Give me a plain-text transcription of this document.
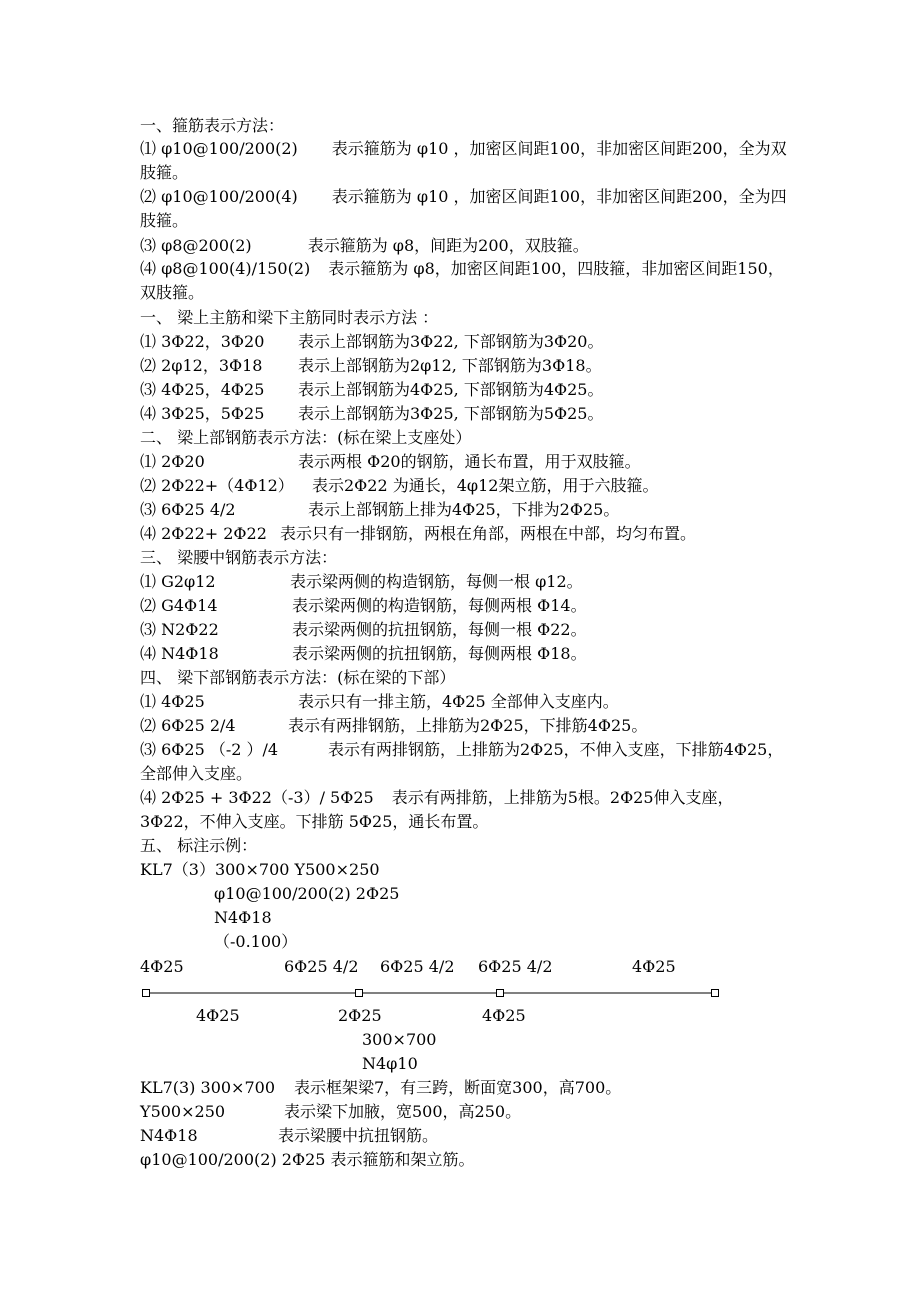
一、箍筋表示方法：
⑴ φ10@100/200(2) 表示箍筋为 φ10 ，加密区间距100，非加密区间距200，全为双肢箍。
⑵ φ10@100/200(4) 表示箍筋为 φ10 ，加密区间距100，非加密区间距200，全为四肢箍。
⑶ φ8@200(2)	表示箍筋为 φ8，间距为200，双肢箍。
⑷ φ8@100(4)/150(2) 表示箍筋为 φ8，加密区间距100，四肢箍，非加密区间距150，双肢箍。
一、 梁上主筋和梁下主筋同时表示方法 ：
⑴ 3Φ22，3Φ20 表示上部钢筋为3Φ22, 下部钢筋为3Φ20。
⑵ 2φ12，3Φ18 表示上部钢筋为2φ12, 下部钢筋为3Φ18。
⑶ 4Φ25，4Φ25 表示上部钢筋为4Φ25, 下部钢筋为4Φ25。
⑷ 3Φ25，5Φ25 表示上部钢筋为3Φ25, 下部钢筋为5Φ25。
二、 梁上部钢筋表示方法：(标在梁上支座处）
⑴ 2Φ20	表示两根 Φ20的钢筋，通长布置，用于双肢箍。
⑵ 2Φ22+（4Φ12） 表示2Φ22 为通长，4φ12架立筋，用于六肢箍。
⑶ 6Φ25 4/2	表示上部钢筋上排为4Φ25，下排为2Φ25。
⑷ 2Φ22+ 2Φ22 表示只有一排钢筋，两根在角部，两根在中部，均匀布置。
三、 梁腰中钢筋表示方法：
⑴ G2φ12	表示梁两侧的构造钢筋，每侧一根 φ12。
⑵ G4Φ14	表示梁两侧的构造钢筋，每侧两根 Φ14。
⑶ N2Φ22	表示梁两侧的抗扭钢筋，每侧一根 Φ22。
⑷ N4Φ18	表示梁两侧的抗扭钢筋，每侧两根 Φ18。
四、 梁下部钢筋表示方法：(标在梁的下部）
⑴ 4Φ25	表示只有一排主筋，4Φ25 全部伸入支座内。
⑵ 6Φ25 2/4	表示有两排钢筋，上排筋为2Φ25，下排筋4Φ25。
⑶ 6Φ25 （-2 ）/4	表示有两排钢筋，上排筋为2Φ25，不伸入支座，下排筋4Φ25，全部伸入支座。
⑷ 2Φ25 + 3Φ22（-3）/ 5Φ25 表示有两排筋，上排筋为5根。2Φ25伸入支座，3Φ22，不伸入支座。下排筋 5Φ25，通长布置。
五、 标注示例：
KL7（3）300×700 Y500×250
φ10@100/200(2) 2Φ25
N4Φ18
（-0.100）
4Φ25	6Φ25 4/2 6Φ25 4/2 6Φ25 4/2	4Φ25
4Φ25	2Φ25	4Φ25
300×700
N4φ10
KL7(3) 300×700 表示框架梁7，有三跨，断面宽300，高700。
Y500×250	表示梁下加腋，宽500，高250。
N4Φ18	表示梁腰中抗扭钢筋。
φ10@100/200(2) 2Φ25 表示箍筋和架立筋。
